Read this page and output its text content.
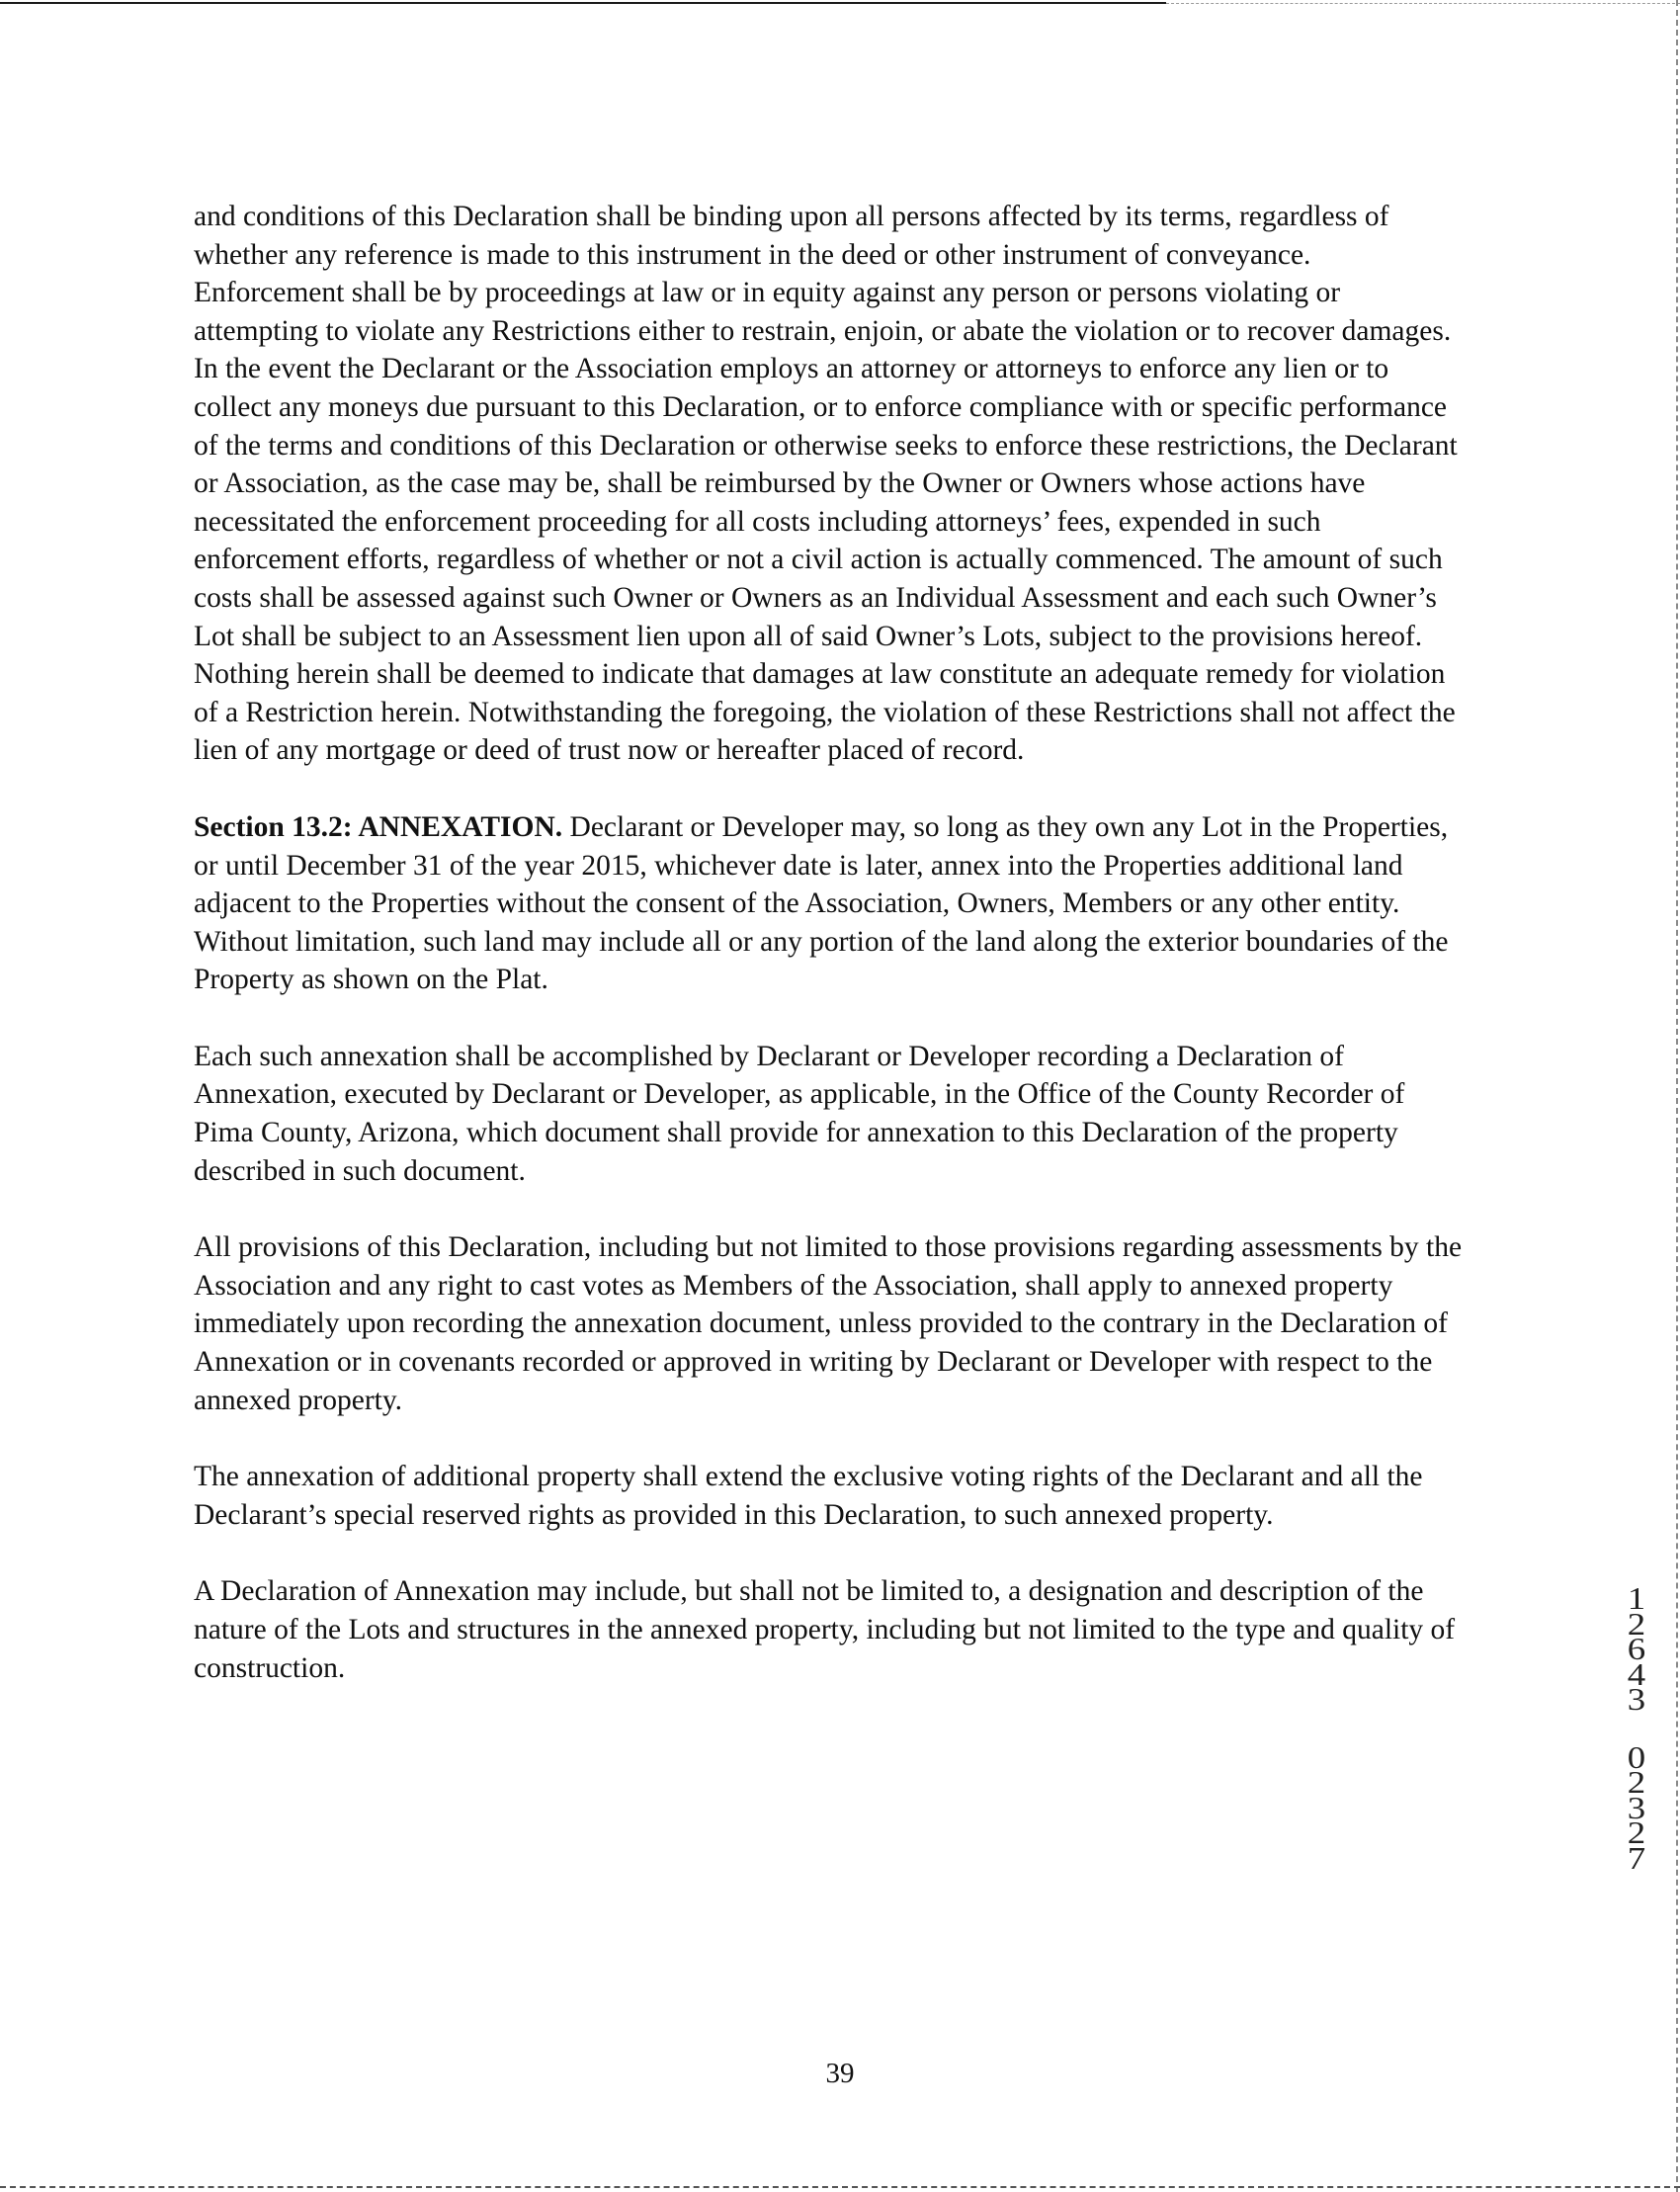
and conditions of this Declaration shall be binding upon all persons affected by its terms, regardless of whether any reference is made to this instrument in the deed or other instrument of conveyance. Enforcement shall be by proceedings at law or in equity against any person or persons violating or attempting to violate any Restrictions either to restrain, enjoin, or abate the violation or to recover damages. In the event the Declarant or the Association employs an attorney or attorneys to enforce any lien or to collect any moneys due pursuant to this Declaration, or to enforce compliance with or specific performance of the terms and conditions of this Declaration or otherwise seeks to enforce these restrictions, the Declarant or Association, as the case may be, shall be reimbursed by the Owner or Owners whose actions have necessitated the enforcement proceeding for all costs including attorneys’ fees, expended in such enforcement efforts, regardless of whether or not a civil action is actually commenced. The amount of such costs shall be assessed against such Owner or Owners as an Individual Assessment and each such Owner’s Lot shall be subject to an Assessment lien upon all of said Owner’s Lots, subject to the provisions hereof. Nothing herein shall be deemed to indicate that damages at law constitute an adequate remedy for violation of a Restriction herein. Notwithstanding the foregoing, the violation of these Restrictions shall not affect the lien of any mortgage or deed of trust now or hereafter placed of record.

Section 13.2: ANNEXATION. Declarant or Developer may, so long as they own any Lot in the Properties, or until December 31 of the year 2015, whichever date is later, annex into the Properties additional land adjacent to the Properties without the consent of the Association, Owners, Members or any other entity. Without limitation, such land may include all or any portion of the land along the exterior boundaries of the Property as shown on the Plat.

Each such annexation shall be accomplished by Declarant or Developer recording a Declaration of Annexation, executed by Declarant or Developer, as applicable, in the Office of the County Recorder of Pima County, Arizona, which document shall provide for annexation to this Declaration of the property described in such document.

All provisions of this Declaration, including but not limited to those provisions regarding assessments by the Association and any right to cast votes as Members of the Association, shall apply to annexed property immediately upon recording the annexation document, unless provided to the contrary in the Declaration of Annexation or in covenants recorded or approved in writing by Declarant or Developer with respect to the annexed property.

The annexation of additional property shall extend the exclusive voting rights of the Declarant and all the Declarant’s special reserved rights as provided in this Declaration, to such annexed property.

A Declaration of Annexation may include, but shall not be limited to, a designation and description of the nature of the Lots and structures in the annexed property, including but not limited to the type and quality of construction.

1
2
6
4
3
0
2
3
2
7
39
